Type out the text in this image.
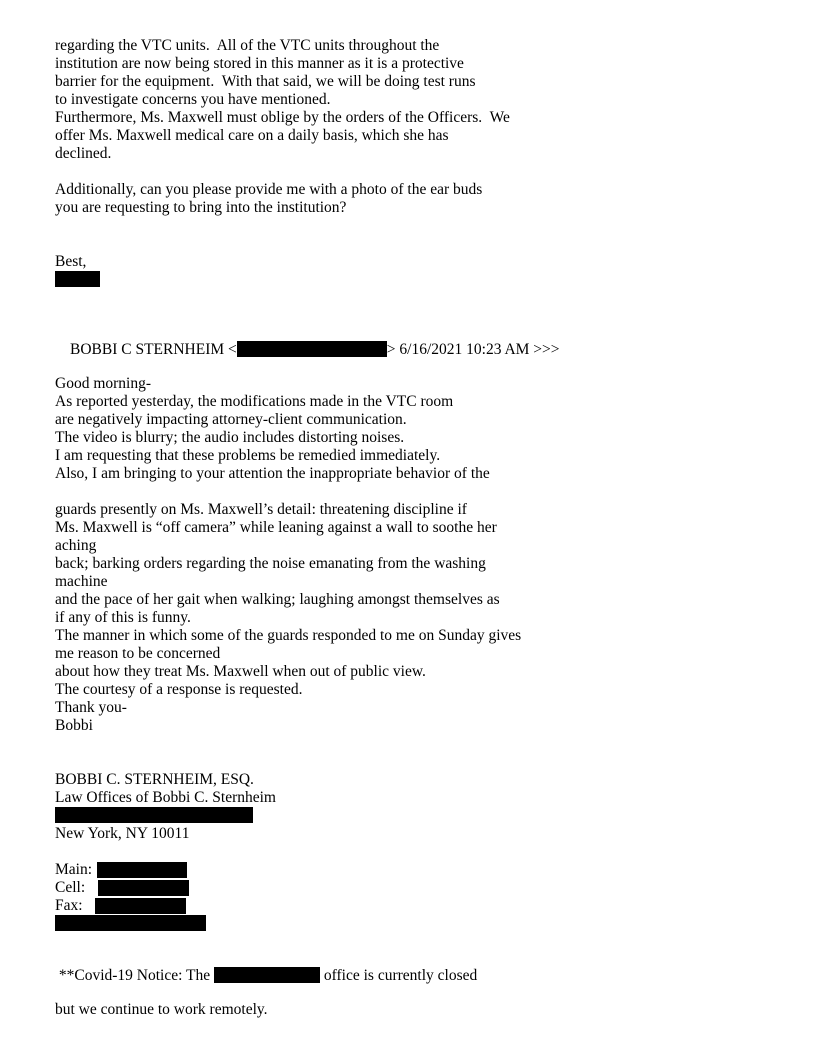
regarding the VTC units.  All of the VTC units throughout the
institution are now being stored in this manner as it is a protective
barrier for the equipment.  With that said, we will be doing test runs
to investigate concerns you have mentioned.
Furthermore, Ms. Maxwell must oblige by the orders of the Officers.  We
offer Ms. Maxwell medical care on a daily basis, which she has
declined.
Additionally, can you please provide me with a photo of the ear buds
you are requesting to bring into the institution?
Best,
BOBBI C STERNHEIM <	> 6/16/2021 10:23 AM >>>
Good morning-
As reported yesterday, the modifications made in the VTC room
are negatively impacting attorney-client communication.
The video is blurry; the audio includes distorting noises.
I am requesting that these problems be remedied immediately.
Also, I am bringing to your attention the inappropriate behavior of the
guards presently on Ms. Maxwell’s detail: threatening discipline if
Ms. Maxwell is “off camera” while leaning against a wall to soothe her
aching
back; barking orders regarding the noise emanating from the washing
machine
and the pace of her gait when walking; laughing amongst themselves as
if any of this is funny.
The manner in which some of the guards responded to me on Sunday gives
me reason to be concerned
about how they treat Ms. Maxwell when out of public view.
The courtesy of a response is requested.
Thank you-
Bobbi
BOBBI C. STERNHEIM, ESQ.
Law Offices of Bobbi C. Sternheim
New York, NY 10011
Main:
Cell:
Fax:
**Covid-19 Notice: The	office is currently closed
but we continue to work remotely.
